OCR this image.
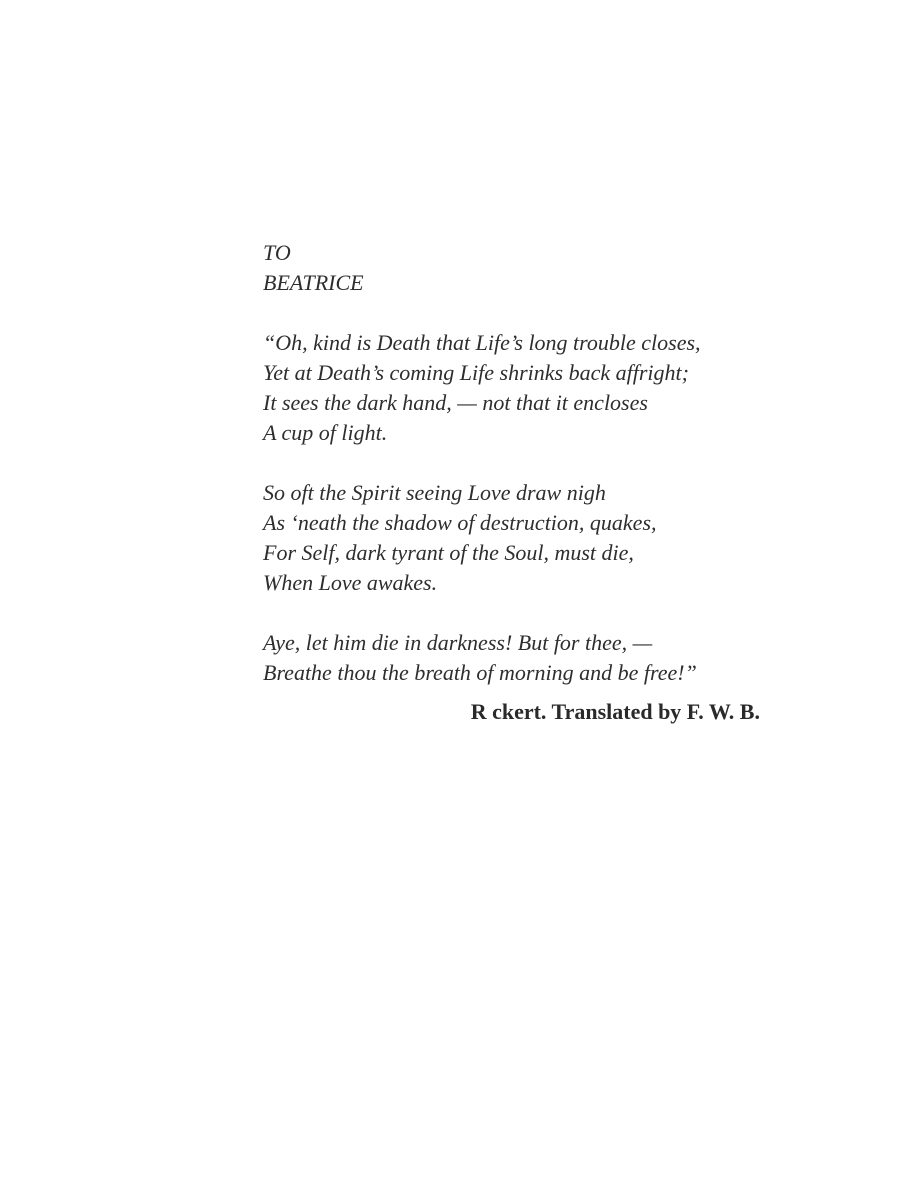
TO
BEATRICE
“Oh, kind is Death that Life’s long trouble closes,
Yet at Death’s coming Life shrinks back affright;
It sees the dark hand, — not that it encloses
A cup of light.
So oft the Spirit seeing Love draw nigh
As ‘neath the shadow of destruction, quakes,
For Self, dark tyrant of the Soul, must die,
When Love awakes.
Aye, let him die in darkness! But for thee, —
Breathe thou the breath of morning and be free!”
R ckert. Translated by F. W. B.
